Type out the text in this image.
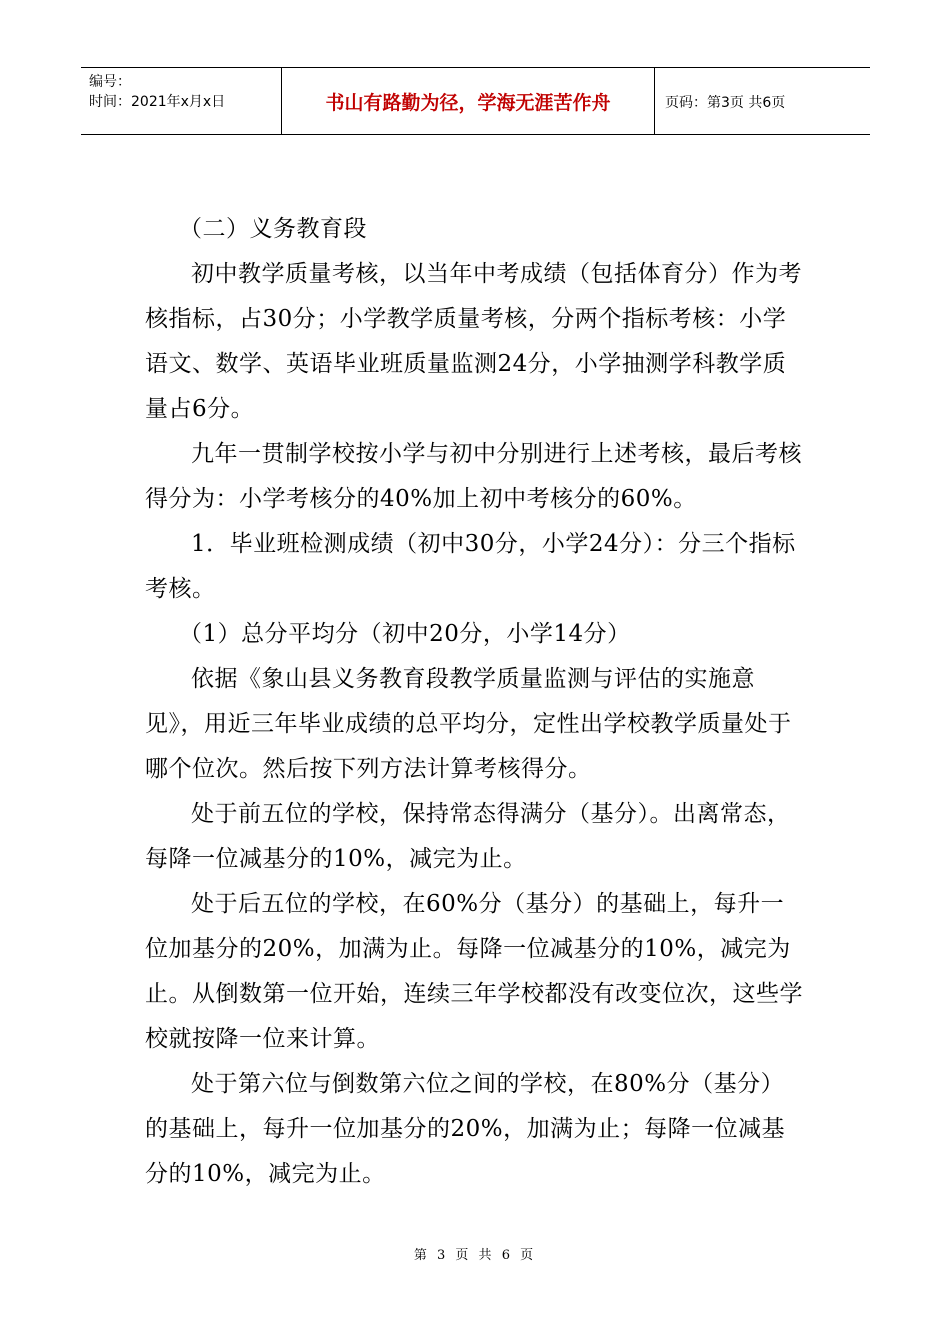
编号：
时间：2021年x月x日	书山有路勤为径，学海无涯苦作舟	页码：第3页 共6页

（二）义务教育段

初中教学质量考核，以当年中考成绩（包括体育分）作为考核指标，占30分；小学教学质量考核，分两个指标考核：小学语文、数学、英语毕业班质量监测24分，小学抽测学科教学质量占6分。

九年一贯制学校按小学与初中分别进行上述考核，最后考核得分为：小学考核分的40%加上初中考核分的60%。

1．毕业班检测成绩（初中30分，小学24分）：分三个指标考核。

（1）总分平均分（初中20分，小学14分）

依据《象山县义务教育段教学质量监测与评估的实施意见》，用近三年毕业成绩的总平均分，定性出学校教学质量处于哪个位次。然后按下列方法计算考核得分。

处于前五位的学校，保持常态得满分（基分）。出离常态，每降一位减基分的10%，减完为止。

处于后五位的学校，在60%分（基分）的基础上，每升一位加基分的20%，加满为止。每降一位减基分的10%，减完为止。从倒数第一位开始，连续三年学校都没有改变位次，这些学校就按降一位来计算。

处于第六位与倒数第六位之间的学校，在80%分（基分）的基础上，每升一位加基分的20%，加满为止；每降一位减基分的10%，减完为止。

第 3 页 共 6 页
